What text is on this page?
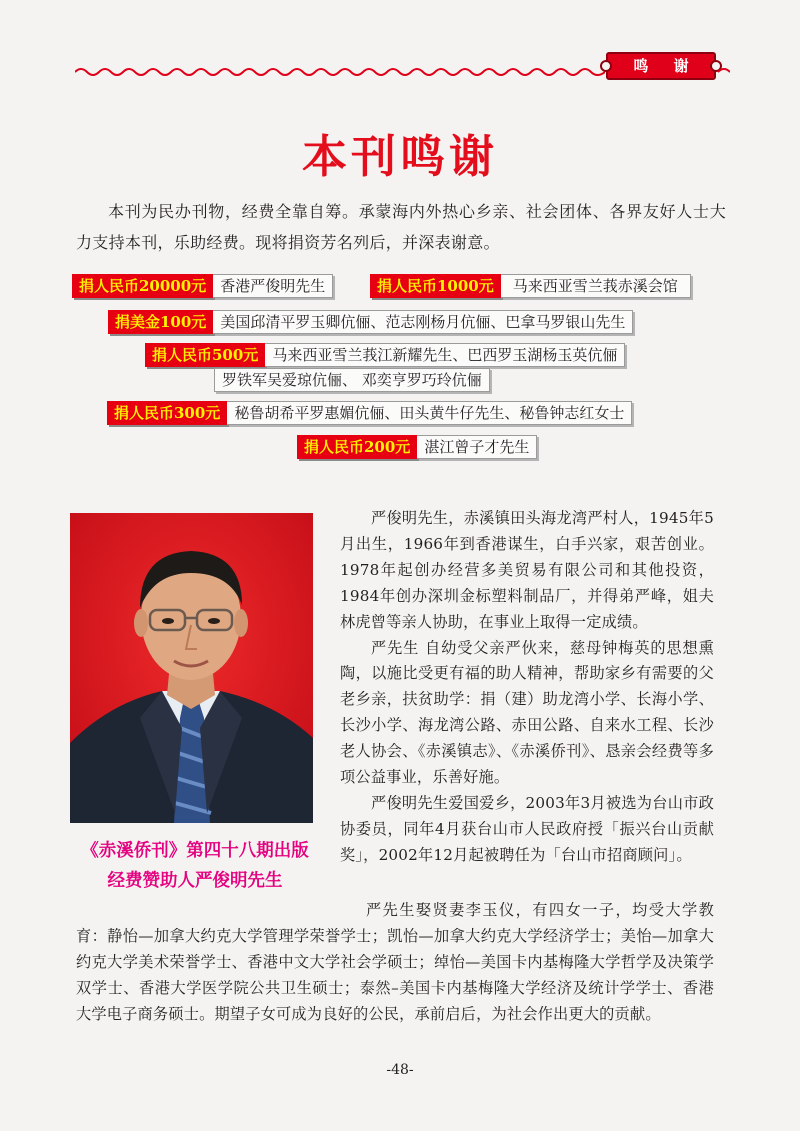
鸣 谢
本刊鸣谢
本刊为民办刊物，经费全靠自筹。承蒙海内外热心乡亲、社会团体、各界友好人士大力支持本刊，乐助经费。现将捐资芳名列后，并深表谢意。
捐人民币20000元 香港严俊明先生	捐人民币1000元	马来西亚雪兰莪赤溪会馆
捐美金100元 美国邱清平罗玉卿伉俪、范志刚杨月伉俪、巴拿马罗银山先生
捐人民币500元 马来西亚雪兰莪江新耀先生、巴西罗玉湖杨玉英伉俪
罗铁军吴爱琼伉俪、 邓奕亨罗巧玲伉俪
捐人民币300元 秘鲁胡希平罗惠媚伉俪、田头黄牛仔先生、秘鲁钟志红女士
捐人民币200元 湛江曾子才先生
《赤溪侨刊》第四十八期出版
经费赞助人严俊明先生

严俊明先生，赤溪镇田头海龙湾严村人，1945年5月出生，1966年到香港谋生，白手兴家，艰苦创业。1978年起创办经营多美贸易有限公司和其他投资，1984年创办深圳金标塑料制品厂，并得弟严峰，姐夫林虎曾等亲人协助，在事业上取得一定成绩。

严先生 自幼受父亲严伙来，慈母钟梅英的思想熏陶，以施比受更有福的助人精神，帮助家乡有需要的父老乡亲，扶贫助学：捐（建）助龙湾小学、长海小学、长沙小学、海龙湾公路、赤田公路、自来水工程、长沙老人协会、《赤溪镇志》、《赤溪侨刊》、恳亲会经费等多项公益事业，乐善好施。

严俊明先生爱国爱乡，2003年3月被选为台山市政协委员，同年4月获台山市人民政府授「振兴台山贡献奖」，2002年12月起被聘任为「台山市招商顾问」。

严先生娶贤妻李玉仪，有四女一子，均受大学教育：静怡—加拿大约克大学管理学荣誉学士；凯怡—加拿大约克大学经济学士；美怡—加拿大约克大学美术荣誉学士、香港中文大学社会学硕士；绰怡—美国卡内基梅隆大学哲学及决策学双学士、香港大学医学院公共卫生硕士；泰然–美国卡内基梅隆大学经济及统计学学士、香港大学电子商务硕士。期望子女可成为良好的公民，承前启后，为社会作出更大的贡献。

-48-
